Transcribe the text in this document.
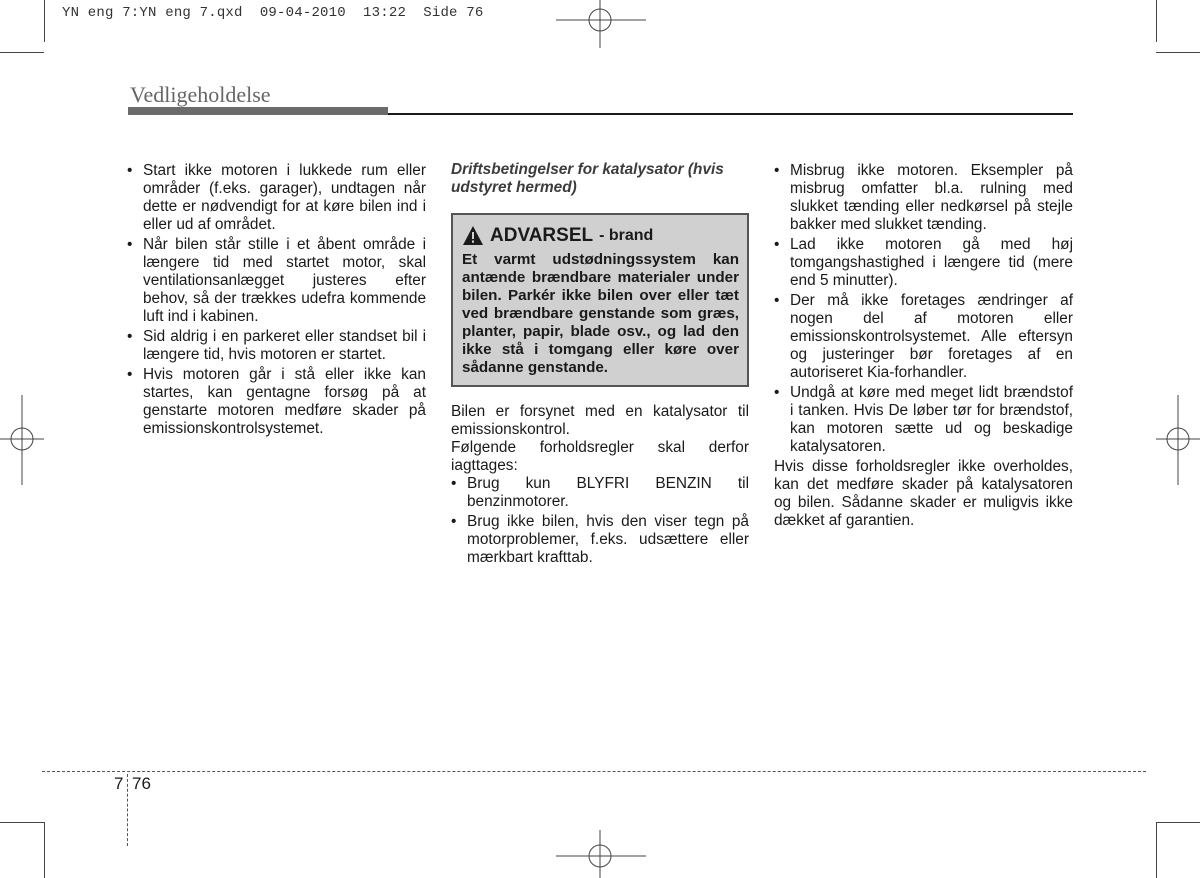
YN eng 7:YN eng 7.qxd  09-04-2010  13:22  Side 76
Vedligeholdelse
• Start ikke motoren i lukkede rum eller områder (f.eks. garager), undtagen når dette er nødvendigt for at køre bilen ind i eller ud af området.
• Når bilen står stille i et åbent område i længere tid med startet motor, skal ventilationsanlægget justeres efter behov, så der trækkes udefra kommende luft ind i kabinen.
• Sid aldrig i en parkeret eller standset bil i længere tid, hvis motoren er startet.
• Hvis motoren går i stå eller ikke kan startes, kan gentagne forsøg på at genstarte motoren medføre skader på emissionskontrolsystemet.
Driftsbetingelser for katalysator (hvis udstyret hermed)
ADVARSEL - brand
Et varmt udstødningssystem kan antænde brændbare materialer under bilen. Parkér ikke bilen over eller tæt ved brændbare genstande som græs, planter, papir, blade osv., og lad den ikke stå i tomgang eller køre over sådanne genstande.

Bilen er forsynet med en katalysator til emissionskontrol.

Følgende forholdsregler skal derfor iagttages:

• Brug kun BLYFRI BENZIN til benzinmotorer.
• Brug ikke bilen, hvis den viser tegn på motorproblemer, f.eks. udsættere eller mærkbart krafttab.
• Misbrug ikke motoren. Eksempler på misbrug omfatter bl.a. rulning med slukket tænding eller nedkørsel på stejle bakker med slukket tænding.
• Lad ikke motoren gå med høj tomgangshastighed i længere tid (mere end 5 minutter).
• Der må ikke foretages ændringer af nogen del af motoren eller emissionskontrolsystemet. Alle eftersyn og justeringer bør foretages af en autoriseret Kia-forhandler.
• Undgå at køre med meget lidt brændstof i tanken. Hvis De løber tør for brændstof, kan motoren sætte ud og beskadige katalysatoren.

Hvis disse forholdsregler ikke overholdes, kan det medføre skader på katalysatoren og bilen. Sådanne skader er muligvis ikke dækket af garantien.

7 76
